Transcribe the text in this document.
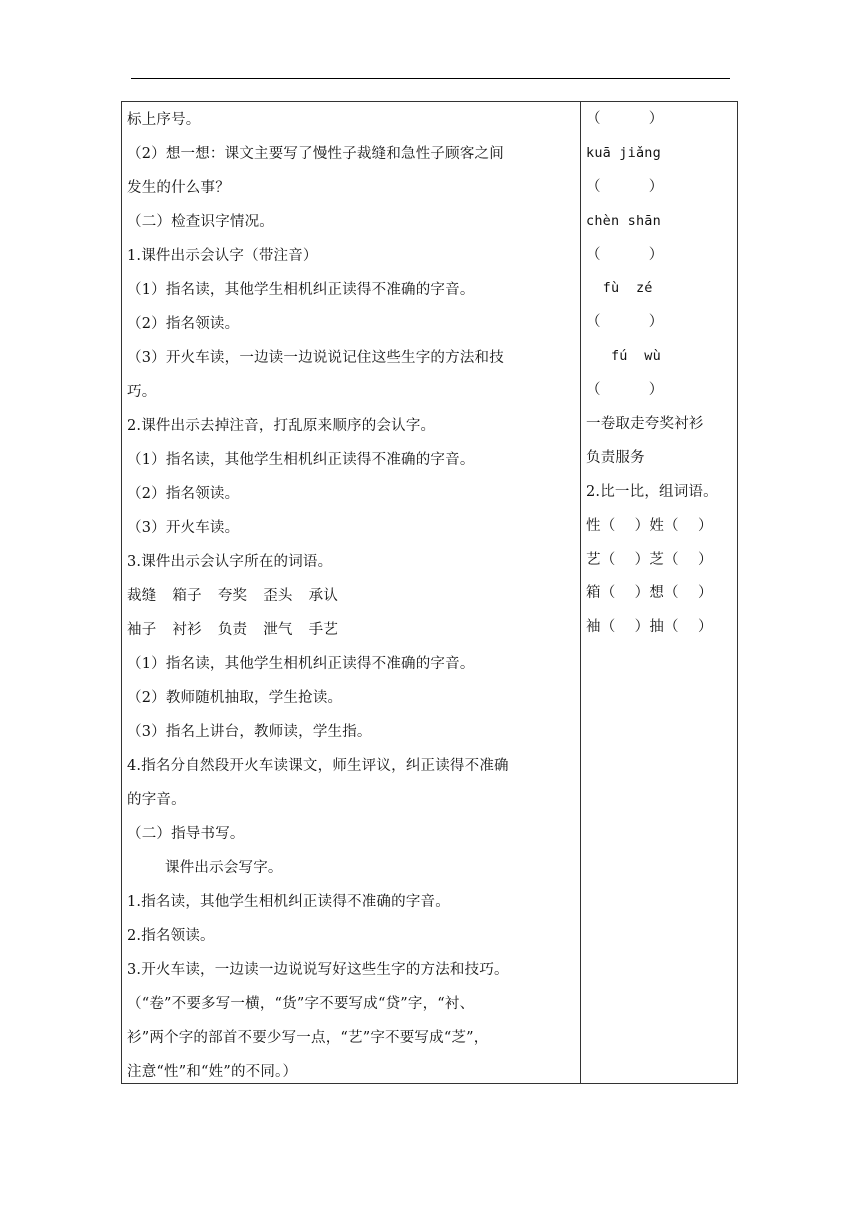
标上序号。
（2）想一想：课文主要写了慢性子裁缝和急性子顾客之间
发生的什么事？
（二）检查识字情况。
1.课件出示会认字（带注音）
（1）指名读，其他学生相机纠正读得不准确的字音。
（2）指名领读。
（3）开火车读，一边读一边说说记住这些生字的方法和技
巧。
2.课件出示去掉注音，打乱原来顺序的会认字。
（1）指名读，其他学生相机纠正读得不准确的字音。
（2）指名领读。
（3）开火车读。
3.课件出示会认字所在的词语。
裁缝 箱子 夸奖 歪头 承认
袖子 衬衫 负责 泄气 手艺
（1）指名读，其他学生相机纠正读得不准确的字音。
（2）教师随机抽取，学生抢读。
（3）指名上讲台，教师读，学生指。
4.指名分自然段开火车读课文，师生评议，纠正读得不准确
的字音。
（二）指导书写。
课件出示会写字。
1.指名读，其他学生相机纠正读得不准确的字音。
2.指名领读。
3.开火车读，一边读一边说说写好这些生字的方法和技巧。
（“卷”不要多写一横，“货”字不要写成“贷”字，“衬、
衫”两个字的部首不要少写一点，“艺”字不要写成“芝”，
注意“性”和“姓”的不同。）
（          ）
kuā jiǎng
（          ）
chèn shān
（          ）
fù  zé
（          ）
fú  wù
（          ）
一卷取走夸奖衬衫
负责服务
2.比一比，组词语。
性（    ）姓（    ）
艺（    ）芝（    ）
箱（    ）想（    ）
袖（    ）抽（    ）
